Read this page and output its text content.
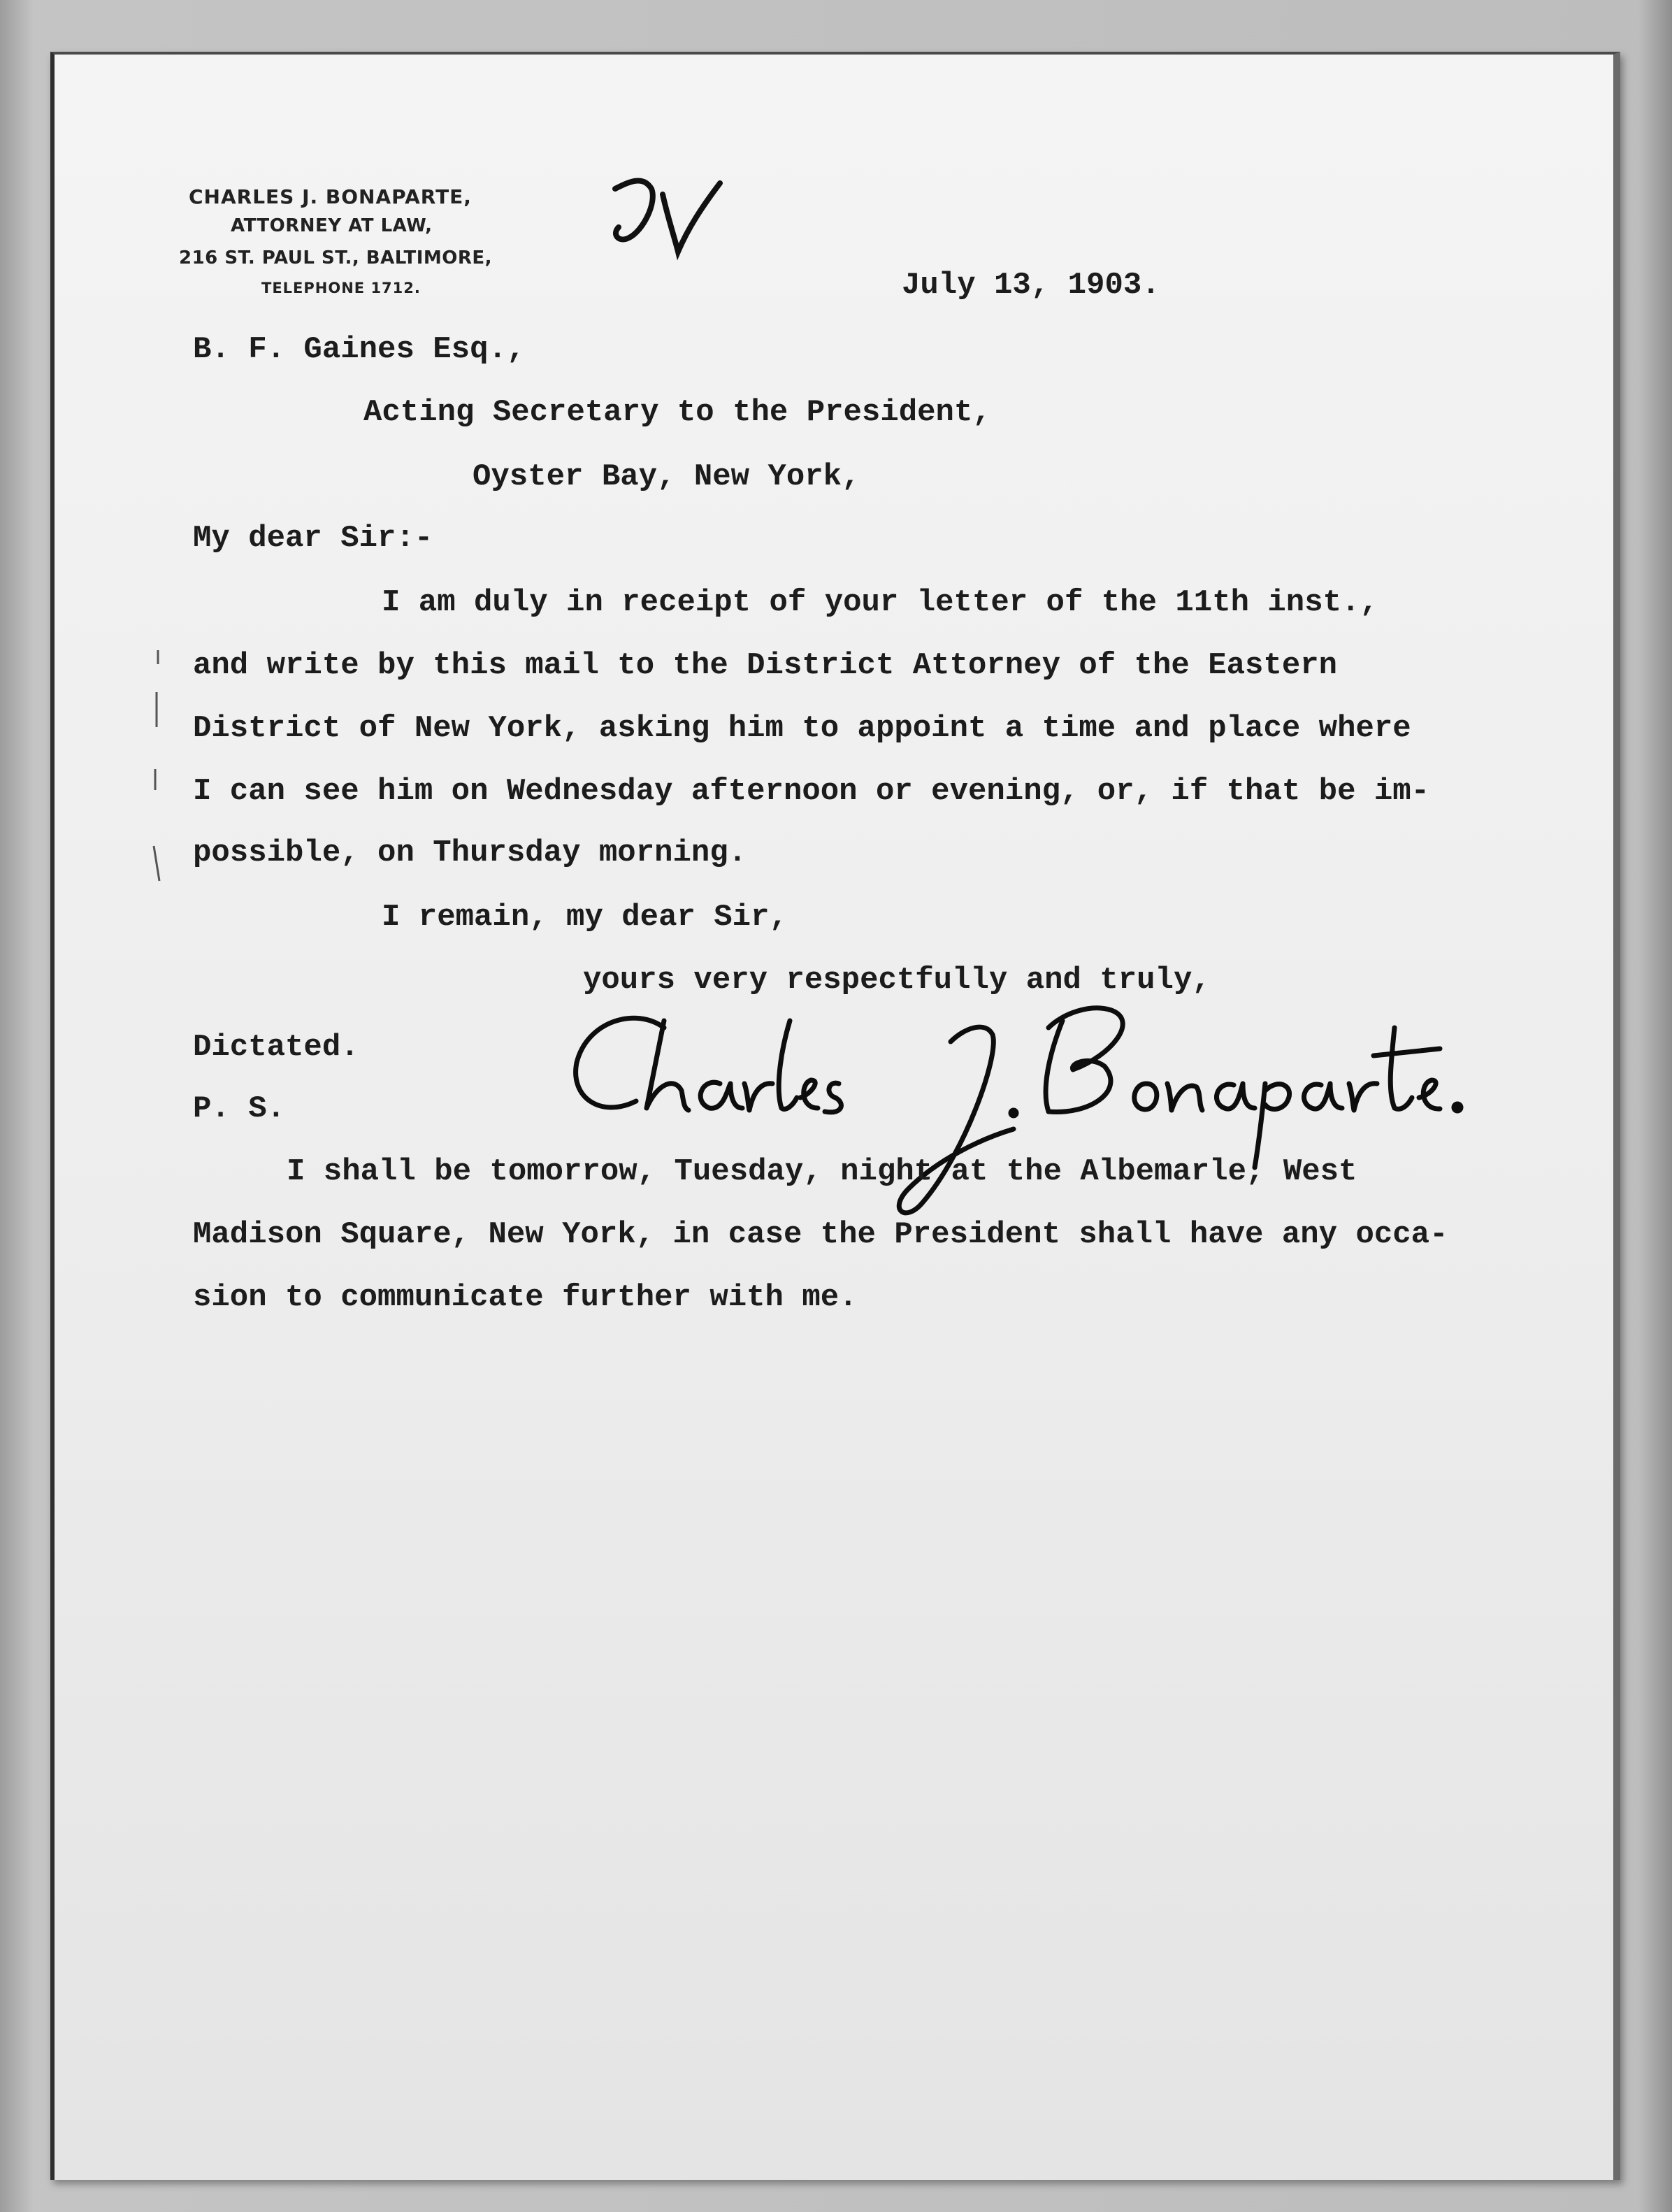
CHARLES J. BONAPARTE,
ATTORNEY AT LAW,
216 ST. PAUL ST., BALTIMORE,
TELEPHONE 1712.	July 13, 1903.
B. F. Gaines Esq.,
Acting Secretary to the President,
Oyster Bay, New York,
My dear Sir:-
I am duly in receipt of your letter of the 11th inst.,
and write by this mail to the District Attorney of the Eastern
District of New York, asking him to appoint a time and place where
I can see him on Wednesday afternoon or evening, or, if that be im-
possible, on Thursday morning.
I remain, my dear Sir,
yours very respectfully and truly,
Dictated.
P. S.
I shall be tomorrow, Tuesday, night at the Albemarle, West
Madison Square, New York, in case the President shall have any occa-
sion to communicate further with me.
